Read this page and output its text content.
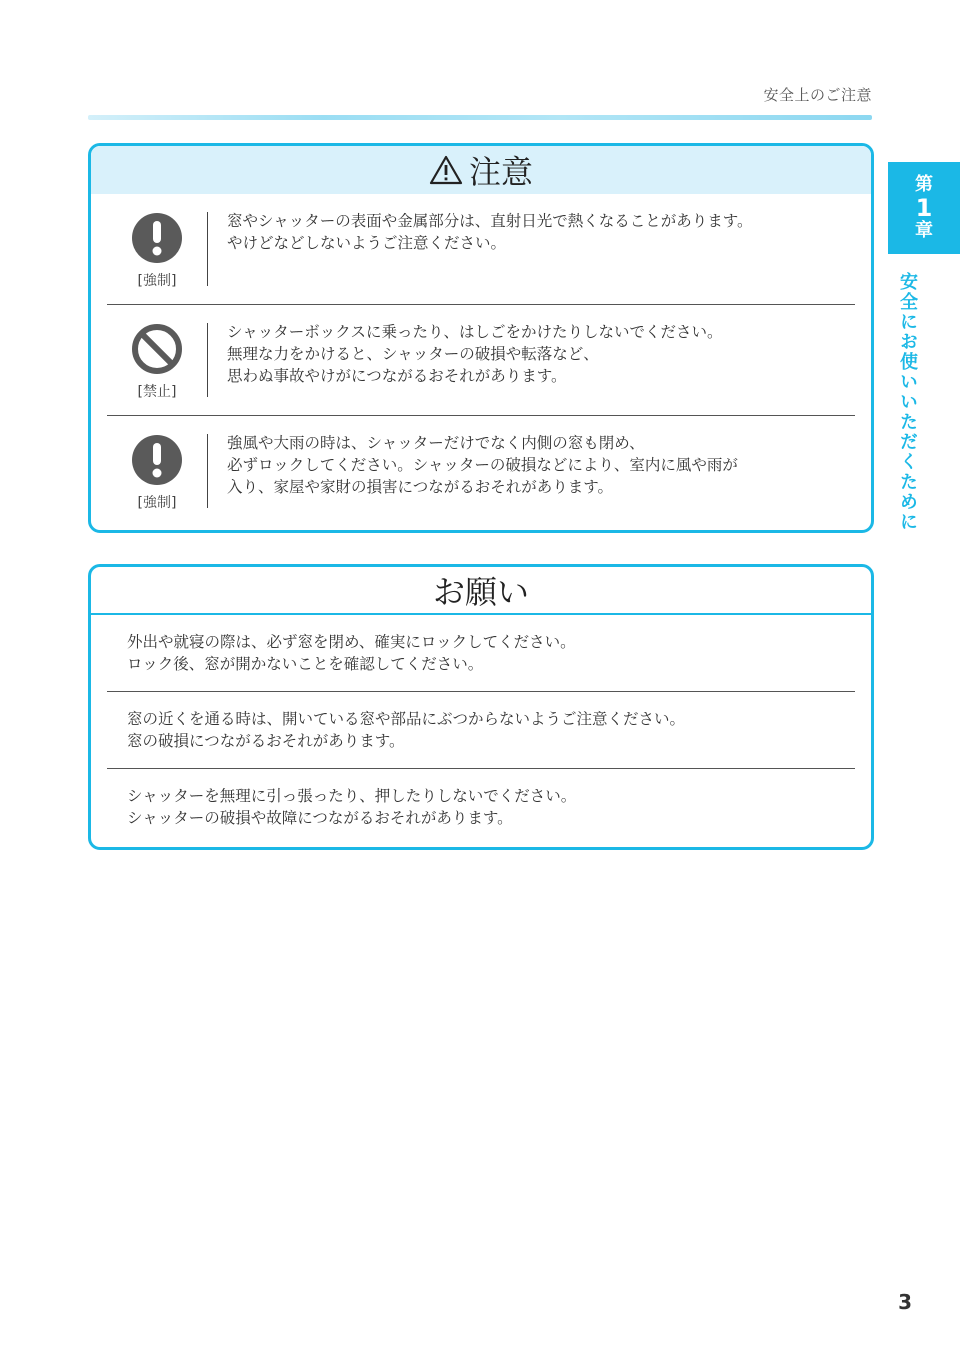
安全上のご注意
第
1
章
安全にお使いいただくために
注意
[強制]
窓やシャッターの表面や金属部分は、直射日光で熱くなることがあります。
やけどなどしないようご注意ください。
[禁止]
シャッターボックスに乗ったり、はしごをかけたりしないでください。
無理な力をかけると、シャッターの破損や転落など、
思わぬ事故やけがにつながるおそれがあります。
[強制]
強風や大雨の時は、シャッターだけでなく内側の窓も閉め、
必ずロックしてください。シャッターの破損などにより、室内に風や雨が
入り、家屋や家財の損害につながるおそれがあります。
お願い
外出や就寝の際は、必ず窓を閉め、確実にロックしてください。
ロック後、窓が開かないことを確認してください。
窓の近くを通る時は、開いている窓や部品にぶつからないようご注意ください。
窓の破損につながるおそれがあります。
シャッターを無理に引っ張ったり、押したりしないでください。
シャッターの破損や故障につながるおそれがあります。
3
